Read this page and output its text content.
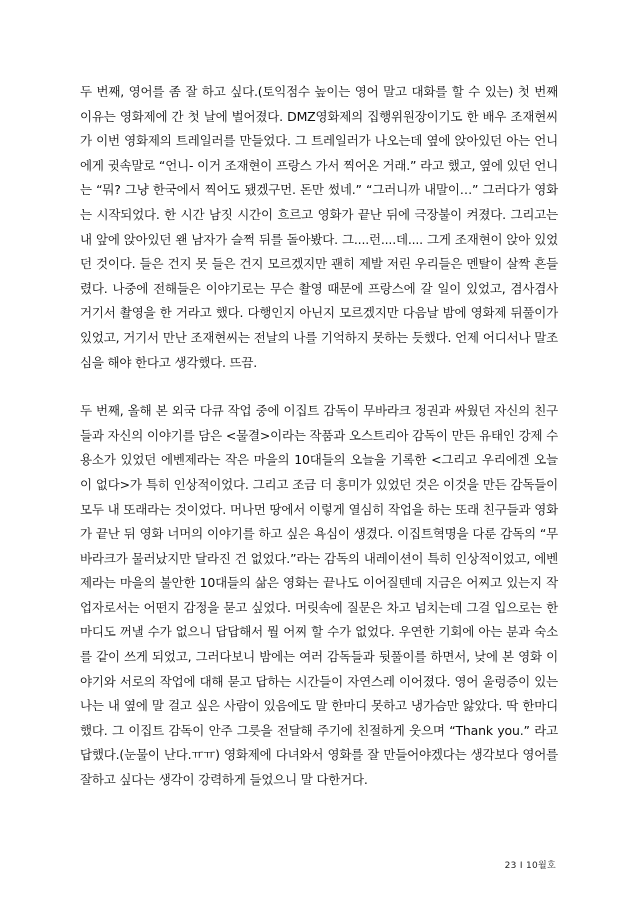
두 번째, 영어를 좀 잘 하고 싶다.(토익점수 높이는 영어 말고 대화를 할 수 있는) 첫 번째 이유는 영화제에 간 첫 날에 벌어졌다. DMZ영화제의 집행위원장이기도 한 배우 조재현씨가 이번 영화제의 트레일러를 만들었다. 그 트레일러가 나오는데 옆에 앉아있던 아는 언니에게 귓속말로 “언니- 이거 조재현이 프랑스 가서 찍어온 거래.” 라고 했고, 옆에 있던 언니는 “뭐? 그냥 한국에서 찍어도 됐겠구먼. 돈만 썼네.” “그러니까 내말이…” 그러다가 영화는 시작되었다. 한 시간 남짓 시간이 흐르고 영화가 끝난 뒤에 극장불이 켜졌다. 그리고는 내 앞에 앉아있던 왠 남자가 슬쩍 뒤를 돌아봤다. 그....런....데.... 그게 조재현이 앉아 있었던 것이다. 들은 건지 못 들은 건지 모르겠지만 괜히 제발 저린 우리들은 멘탈이 살짝 흔들렸다. 나중에 전해들은 이야기로는 무슨 촬영 때문에 프랑스에 갈 일이 있었고, 겸사겸사 거기서 촬영을 한 거라고 했다. 다행인지 아닌지 모르겠지만 다음날 밤에 영화제 뒤풀이가 있었고, 거기서 만난 조재현씨는 전날의 나를 기억하지 못하는 듯했다. 언제 어디서나 말조심을 해야 한다고 생각했다. 뜨끔.

두 번째, 올해 본 외국 다큐 작업 중에 이집트 감독이 무바라크 정권과 싸웠던 자신의 친구들과 자신의 이야기를 담은 <물결>이라는 작품과 오스트리아 감독이 만든 유태인 강제 수용소가 있었던 에벤제라는 작은 마을의 10대들의 오늘을 기록한 <그리고 우리에겐 오늘이 없다>가 특히 인상적이었다. 그리고 조금 더 흥미가 있었던 것은 이것을 만든 감독들이 모두 내 또래라는 것이었다. 머나먼 땅에서 이렇게 열심히 작업을 하는 또래 친구들과 영화가 끝난 뒤 영화 너머의 이야기를 하고 싶은 욕심이 생겼다. 이집트혁명을 다룬 감독의 “무바라크가 물러났지만 달라진 건 없었다.”라는 감독의 내레이션이 특히 인상적이었고, 에벤제라는 마을의 불안한 10대들의 삶은 영화는 끝나도 이어질텐데 지금은 어찌고 있는지 작업자로서는 어떤지 감정을 묻고 싶었다. 머릿속에 질문은 차고 넘치는데 그걸 입으로는 한마디도 꺼낼 수가 없으니 답답해서 뭘 어찌 할 수가 없었다. 우연한 기회에 아는 분과 숙소를 같이 쓰게 되었고, 그러다보니 밤에는 여러 감독들과 뒷풀이를 하면서, 낮에 본 영화 이야기와 서로의 작업에 대해 묻고 답하는 시간들이 자연스레 이어졌다. 영어 울렁증이 있는 나는 내 옆에 말 걸고 싶은 사람이 있음에도 말 한마디 못하고 냉가슴만 앓았다. 딱 한마디 했다. 그 이집트 감독이 안주 그릇을 전달해 주기에 친절하게 웃으며 “Thank you.” 라고 답했다.(눈물이 난다.ㅠㅠ) 영화제에 다녀와서 영화를 잘 만들어야겠다는 생각보다 영어를 잘하고 싶다는 생각이 강력하게 들었으니 말 다한거다.

23 I 10월호
